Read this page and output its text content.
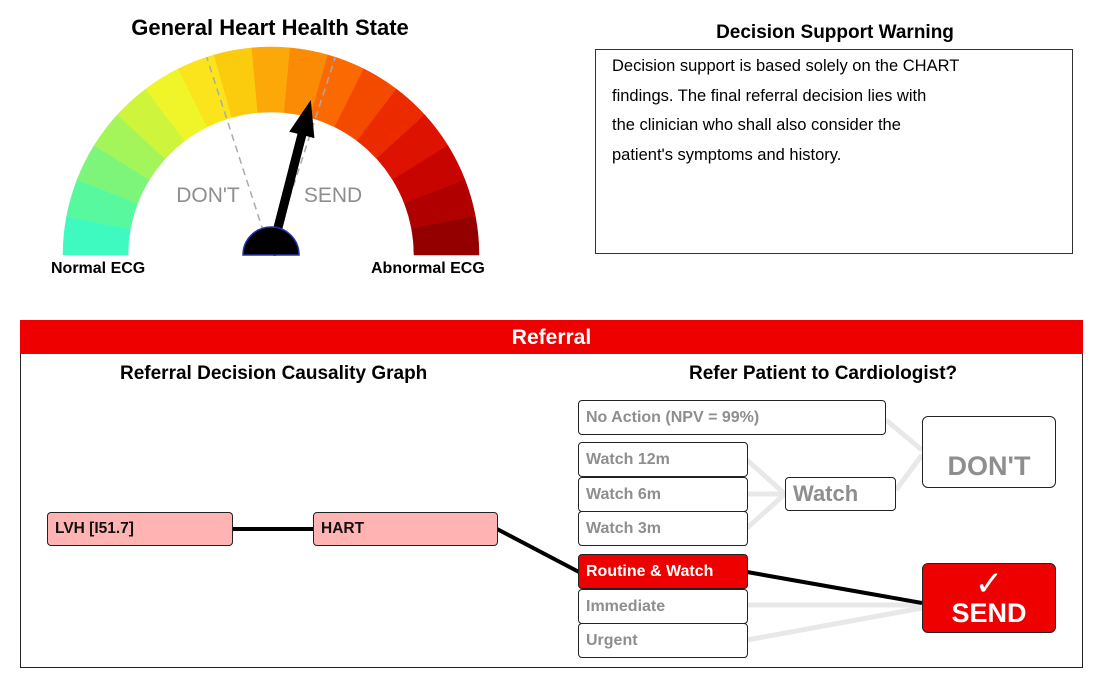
General Heart Health State
DON'T	SEND
Normal ECG	Abnormal ECG
Decision Support Warning
Decision support is based solely on the CHART
findings. The final referral decision lies with
the clinician who shall also consider the
patient's symptoms and history.
Referral
Referral Decision Causality Graph	Refer Patient to Cardiologist?
LVH [I51.7]	HART
No Action (NPV = 99%)
Watch 12m
Watch 6m
Watch 3m
Routine & Watch
Immediate
Urgent
Watch
DON'T
✓
SEND
